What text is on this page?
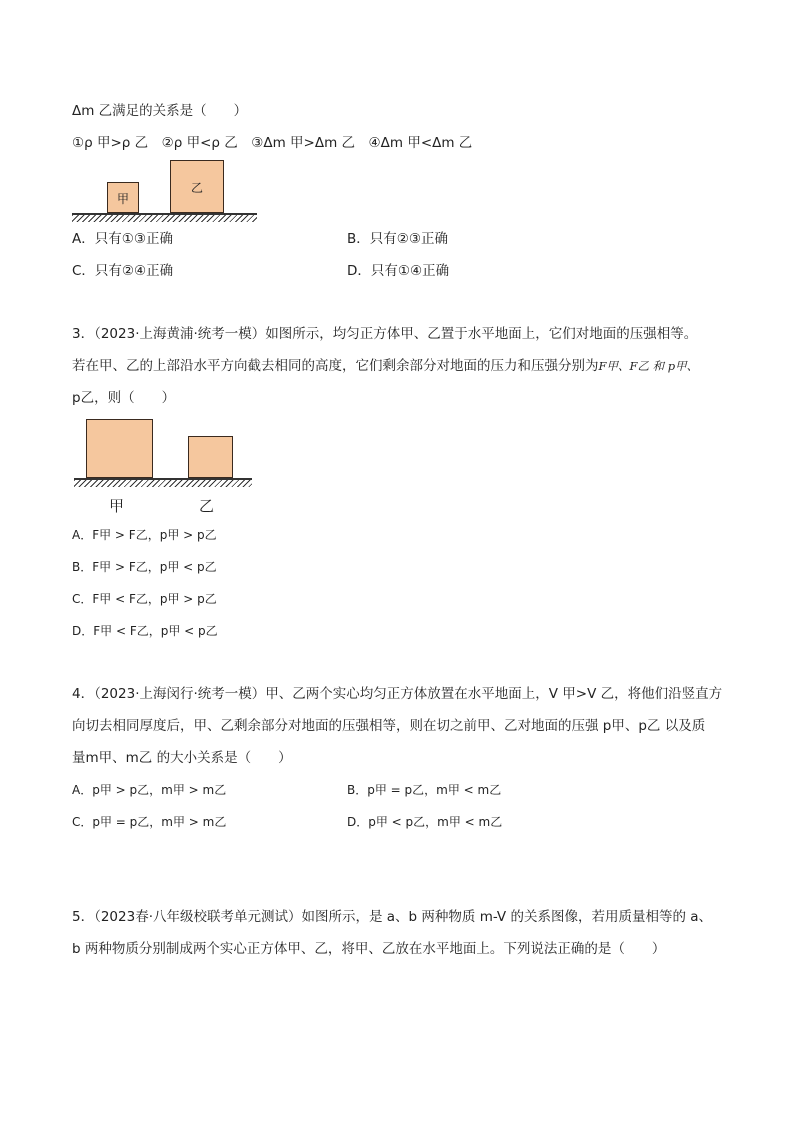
Δm 乙满足的关系是（　　）
①ρ 甲>ρ 乙　②ρ 甲<ρ 乙　③Δm 甲>Δm 乙　④Δm 甲<Δm 乙
甲
乙
A．只有①③正确	B．只有②③正确
C．只有②④正确	D．只有①④正确
3．（2023·上海黄浦·统考一模）如图所示，均匀正方体甲、乙置于水平地面上，它们对地面的压强相等。
若在甲、乙的上部沿水平方向截去相同的高度，它们剩余部分对地面的压力和压强分别为F甲、F乙 和 p甲、
p乙，则（　　）
甲	乙
A．F甲 > F乙，p甲 > p乙
B．F甲 > F乙，p甲 < p乙
C．F甲 < F乙，p甲 > p乙
D．F甲 < F乙，p甲 < p乙
4．（2023·上海闵行·统考一模）甲、乙两个实心均匀正方体放置在水平地面上，V 甲>V 乙，将他们沿竖直方
向切去相同厚度后，甲、乙剩余部分对地面的压强相等，则在切之前甲、乙对地面的压强 p甲、p乙 以及质
量m甲、m乙 的大小关系是（　　）
A．p甲 > p乙，m甲 > m乙	B．p甲 = p乙，m甲 < m乙
C．p甲 = p乙，m甲 > m乙	D．p甲 < p乙，m甲 < m乙
5．（2023春·八年级校联考单元测试）如图所示，是 a、b 两种物质 m-V 的关系图像，若用质量相等的 a、
b 两种物质分别制成两个实心正方体甲、乙，将甲、乙放在水平地面上。下列说法正确的是（　　）
